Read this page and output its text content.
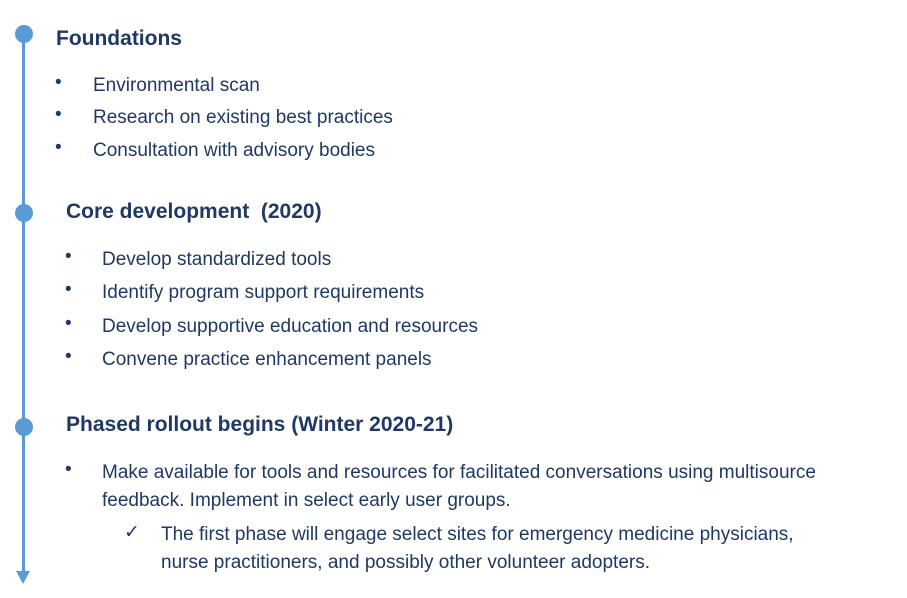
Foundations
• Environmental scan
• Research on existing best practices
• Consultation with advisory bodies
Core development  (2020)
• Develop standardized tools
• Identify program support requirements
• Develop supportive education and resources
• Convene practice enhancement panels
Phased rollout begins (Winter 2020-21)
• Make available for tools and resources for facilitated conversations using multisource
feedback. Implement in select early user groups.
✓ The first phase will engage select sites for emergency medicine physicians,
nurse practitioners, and possibly other volunteer adopters.
